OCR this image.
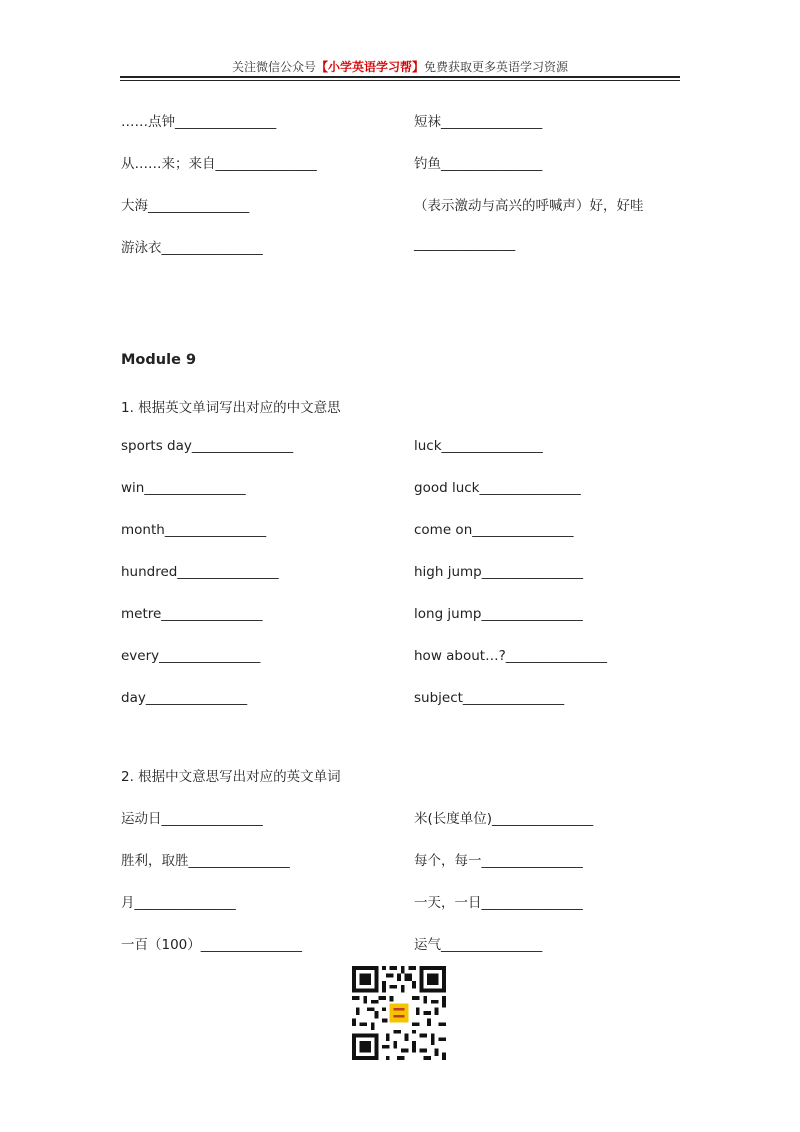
关注微信公众号【小学英语学习帮】免费获取更多英语学习资源
……点钟_______________	短袜_______________
从……来；来自_______________	钓鱼_______________
大海_______________	（表示激动与高兴的呼喊声）好，好哇
游泳衣_______________	_______________
Module 9
1. 根据英文单词写出对应的中文意思
sports day_______________	luck_______________
win_______________	good luck_______________
month_______________	come on_______________
hundred_______________	high jump_______________
metre_______________	long jump_______________
every_______________	how about…?_______________
day_______________	subject_______________
2. 根据中文意思写出对应的英文单词
运动日_______________	米(长度单位)_______________
胜利，取胜_______________	每个，每一_______________
月_______________	一天，一日_______________
一百（100）_______________	运气_______________
